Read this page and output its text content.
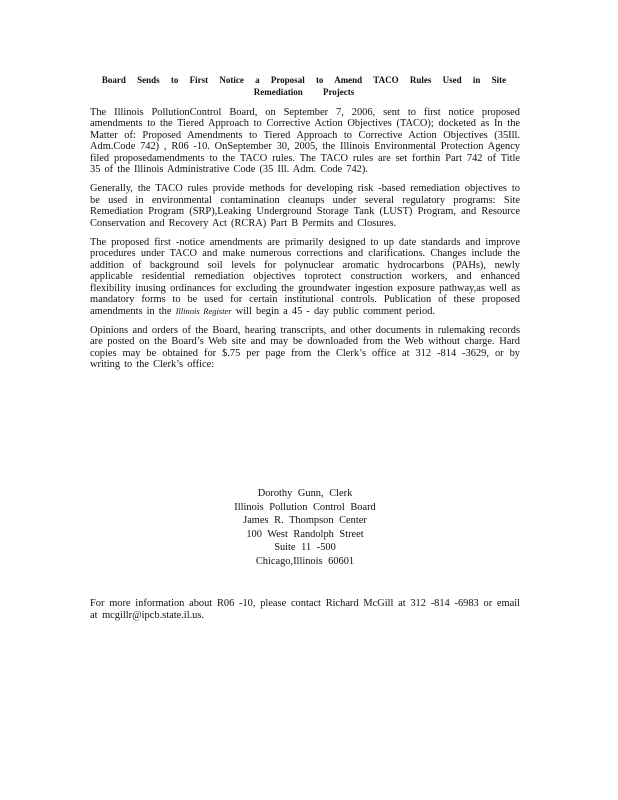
Board Sends to First Notice a Proposal to Amend TACO Rules Used in Site
Remediation Projects

The Illinois PollutionControl Board, on September 7, 2006, sent to first notice proposed amendments to the Tiered Approach to Corrective Action Objectives (TACO); docketed as In the Matter of: Proposed Amendments to Tiered Approach to Corrective Action Objectives (35Ill. Adm.Code 742) , R06 -10. OnSeptember 30, 2005, the Illinois Environmental Protection Agency filed proposedamendments to the TACO rules. The TACO rules are set forthin Part 742 of Title 35 of the Illinois Administrative Code (35 Ill. Adm. Code 742).

Generally, the TACO rules provide methods for developing risk -based remediation objectives to be used in environmental contamination cleanups under several regulatory programs: Site Remediation Program (SRP),Leaking Underground Storage Tank (LUST) Program, and Resource Conservation and Recovery Act (RCRA) Part B Permits and Closures.

The proposed first -notice amendments are primarily designed to up date standards and improve procedures under TACO and make numerous corrections and clarifications. Changes include the addition of background soil levels for polynuclear aromatic hydrocarbons (PAHs), newly applicable residential remediation objectives toprotect construction workers, and enhanced flexibility inusing ordinances for excluding the groundwater ingestion exposure pathway,as well as mandatory forms to be used for certain institutional controls. Publication of these proposed amendments in the Illinois Register will begin a 45 - day public comment period.

Opinions and orders of the Board, hearing transcripts, and other documents in rulemaking records are posted on the Board’s Web site and may be downloaded from the Web without charge. Hard copies may be obtained for $.75 per page from the Clerk’s office at 312 -814 -3629, or by writing to the Clerk’s office:

Dorothy Gunn, Clerk
Illinois Pollution Control Board
James R. Thompson Center
100 West Randolph Street
Suite 11 -500
Chicago,Illinois 60601

For more information about R06 -10, please contact Richard McGill at 312 -814 -6983 or email at mcgillr@ipcb.state.il.us.
